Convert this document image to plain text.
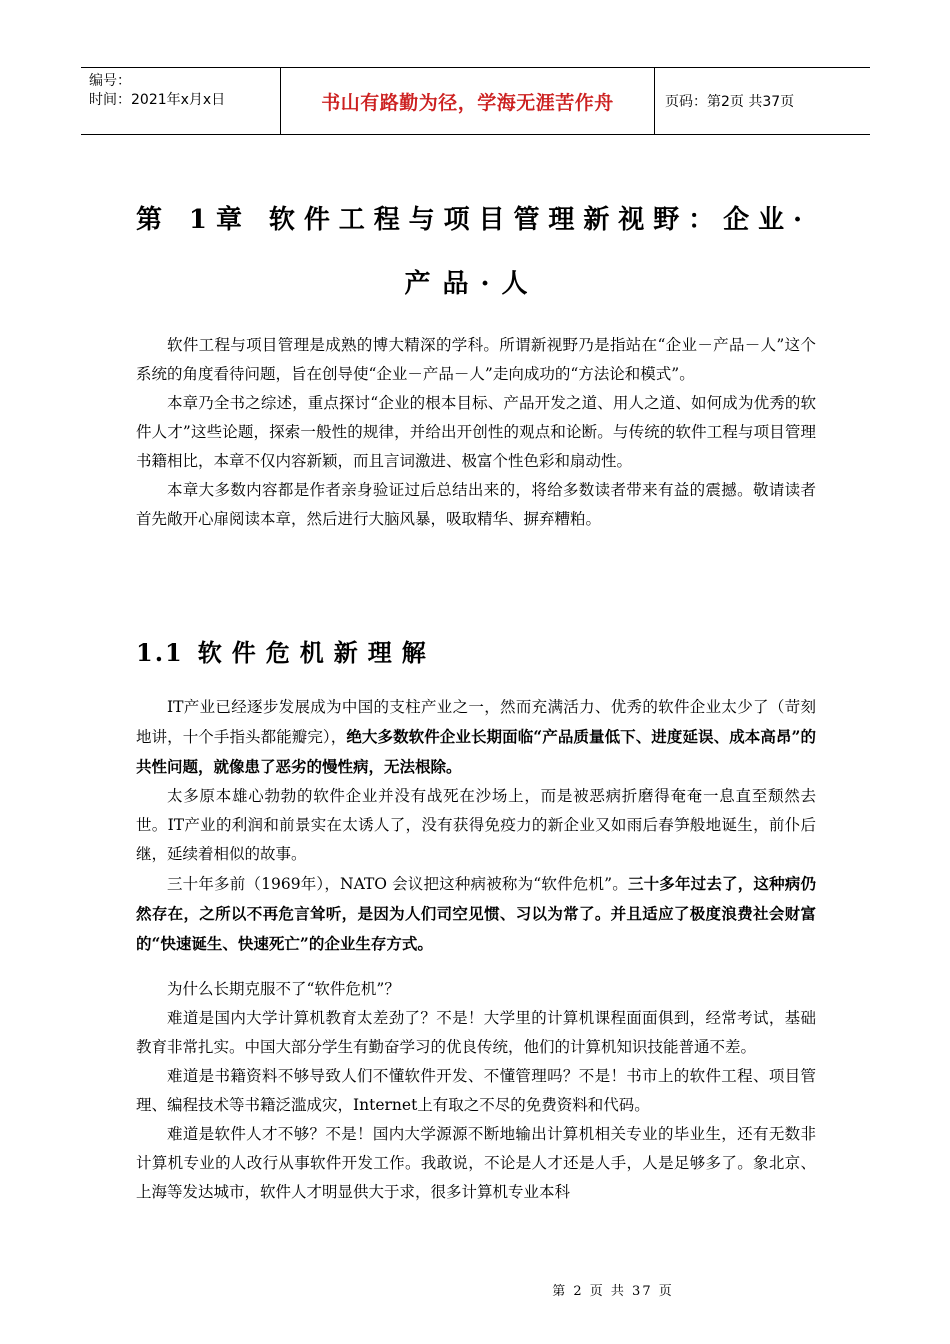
编号：
时间：2021年x月x日	书山有路勤为径，学海无涯苦作舟	页码：第2页 共37页
第 1章 软件工程与项目管理新视野：企业·
产品·人

软件工程与项目管理是成熟的博大精深的学科。所谓新视野乃是指站在“企业－产品－人”这个系统的角度看待问题，旨在创导使“企业－产品－人”走向成功的“方法论和模式”。

本章乃全书之综述，重点探讨“企业的根本目标、产品开发之道、用人之道、如何成为优秀的软件人才”这些论题，探索一般性的规律，并给出开创性的观点和论断。与传统的软件工程与项目管理书籍相比，本章不仅内容新颖，而且言词激进、极富个性色彩和扇动性。

本章大多数内容都是作者亲身验证过后总结出来的，将给多数读者带来有益的震撼。敬请读者首先敞开心扉阅读本章，然后进行大脑风暴，吸取精华、摒弃糟粕。

1.1 软件危机新理解

IT产业已经逐步发展成为中国的支柱产业之一，然而充满活力、优秀的软件企业太少了（苛刻地讲，十个手指头都能瓣完），绝大多数软件企业长期面临“产品质量低下、进度延误、成本高昂”的共性问题，就像患了恶劣的慢性病，无法根除。

太多原本雄心勃勃的软件企业并没有战死在沙场上，而是被恶病折磨得奄奄一息直至颓然去世。IT产业的利润和前景实在太诱人了，没有获得免疫力的新企业又如雨后春笋般地诞生，前仆后继，延续着相似的故事。

三十年多前（1969年），NATO 会议把这种病被称为“软件危机”。三十多年过去了，这种病仍然存在，之所以不再危言耸听，是因为人们司空见惯、习以为常了。并且适应了极度浪费社会财富的“快速诞生、快速死亡”的企业生存方式。

为什么长期克服不了“软件危机”？

难道是国内大学计算机教育太差劲了？不是！大学里的计算机课程面面俱到，经常考试，基础教育非常扎实。中国大部分学生有勤奋学习的优良传统，他们的计算机知识技能普通不差。

难道是书籍资料不够导致人们不懂软件开发、不懂管理吗？不是！书市上的软件工程、项目管理、编程技术等书籍泛滥成灾，Internet上有取之不尽的免费资料和代码。

难道是软件人才不够？不是！国内大学源源不断地输出计算机相关专业的毕业生，还有无数非计算机专业的人改行从事软件开发工作。我敢说，不论是人才还是人手，人是足够多了。象北京、上海等发达城市，软件人才明显供大于求，很多计算机专业本科

第 2 页 共 37 页
